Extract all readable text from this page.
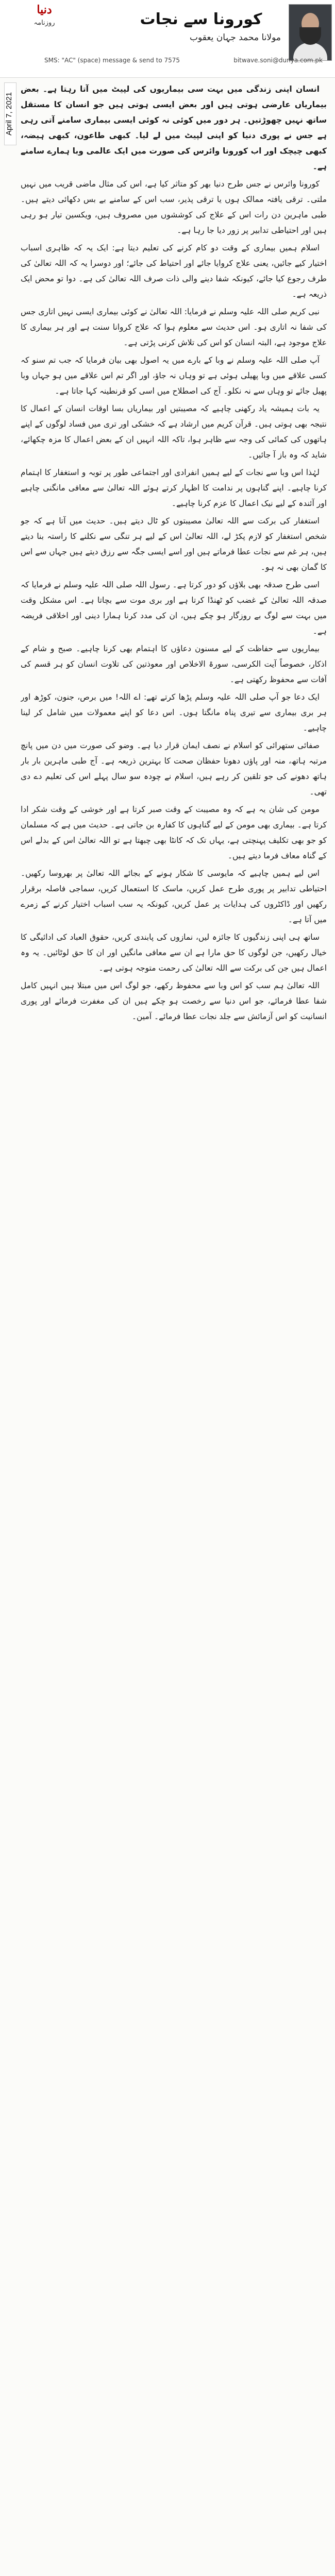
دنیا
روزنامہ	کورونا سے نجات
مولانا محمد جہان یعقوب
SMS: "AC" (space) message & send to 7575	bitwave.soni@dunya.com.pk
April 7, 2021

انسان اپنی زندگی میں بہت سی بیماریوں کی لپیٹ میں آتا رہتا ہے۔ بعض بیماریاں عارضی ہوتی ہیں اور بعض ایسی ہوتی ہیں جو انسان کا مستقل ساتھ نہیں چھوڑتیں۔ ہر دور میں کوئی نہ کوئی ایسی بیماری سامنے آتی رہی ہے جس نے پوری دنیا کو اپنی لپیٹ میں لے لیا۔ کبھی طاعون، کبھی ہیضہ، کبھی چیچک اور اب کورونا وائرس کی صورت میں ایک عالمی وبا ہمارے سامنے ہے۔

کورونا وائرس نے جس طرح دنیا بھر کو متاثر کیا ہے، اس کی مثال ماضی قریب میں نہیں ملتی۔ ترقی یافتہ ممالک ہوں یا ترقی پذیر، سب اس کے سامنے بے بس دکھائی دیتے ہیں۔ طبی ماہرین دن رات اس کے علاج کی کوششوں میں مصروف ہیں، ویکسین تیار ہو رہی ہیں اور احتیاطی تدابیر پر زور دیا جا رہا ہے۔

اسلام ہمیں بیماری کے وقت دو کام کرنے کی تعلیم دیتا ہے: ایک یہ کہ ظاہری اسباب اختیار کیے جائیں، یعنی علاج کروایا جائے اور احتیاط کی جائے؛ اور دوسرا یہ کہ اللہ تعالیٰ کی طرف رجوع کیا جائے، کیونکہ شفا دینے والی ذات صرف اللہ تعالیٰ کی ہے۔ دوا تو محض ایک ذریعہ ہے۔

نبی کریم صلی اللہ علیہ وسلم نے فرمایا: اللہ تعالیٰ نے کوئی بیماری ایسی نہیں اتاری جس کی شفا نہ اتاری ہو۔ اس حدیث سے معلوم ہوا کہ علاج کروانا سنت ہے اور ہر بیماری کا علاج موجود ہے، البتہ انسان کو اس کی تلاش کرنی پڑتی ہے۔

آپ صلی اللہ علیہ وسلم نے وبا کے بارے میں یہ اصول بھی بیان فرمایا کہ جب تم سنو کہ کسی علاقے میں وبا پھیلی ہوئی ہے تو وہاں نہ جاؤ، اور اگر تم اس علاقے میں ہو جہاں وبا پھیل جائے تو وہاں سے نہ نکلو۔ آج کی اصطلاح میں اسی کو قرنطینہ کہا جاتا ہے۔

یہ بات ہمیشہ یاد رکھنی چاہیے کہ مصیبتیں اور بیماریاں بسا اوقات انسان کے اعمال کا نتیجہ بھی ہوتی ہیں۔ قرآن کریم میں ارشاد ہے کہ خشکی اور تری میں فساد لوگوں کے اپنے ہاتھوں کی کمائی کی وجہ سے ظاہر ہوا، تاکہ اللہ انہیں ان کے بعض اعمال کا مزہ چکھائے، شاید کہ وہ باز آ جائیں۔

لہٰذا اس وبا سے نجات کے لیے ہمیں انفرادی اور اجتماعی طور پر توبہ و استغفار کا اہتمام کرنا چاہیے۔ اپنے گناہوں پر ندامت کا اظہار کرتے ہوئے اللہ تعالیٰ سے معافی مانگنی چاہیے اور آئندہ کے لیے نیک اعمال کا عزم کرنا چاہیے۔

استغفار کی برکت سے اللہ تعالیٰ مصیبتوں کو ٹال دیتے ہیں۔ حدیث میں آتا ہے کہ جو شخص استغفار کو لازم پکڑ لے، اللہ تعالیٰ اس کے لیے ہر تنگی سے نکلنے کا راستہ بنا دیتے ہیں، ہر غم سے نجات عطا فرماتے ہیں اور اسے ایسی جگہ سے رزق دیتے ہیں جہاں سے اس کا گمان بھی نہ ہو۔

اسی طرح صدقہ بھی بلاؤں کو دور کرتا ہے۔ رسول اللہ صلی اللہ علیہ وسلم نے فرمایا کہ صدقہ اللہ تعالیٰ کے غضب کو ٹھنڈا کرتا ہے اور بری موت سے بچاتا ہے۔ اس مشکل وقت میں بہت سے لوگ بے روزگار ہو چکے ہیں، ان کی مدد کرنا ہمارا دینی اور اخلاقی فریضہ ہے۔

بیماریوں سے حفاظت کے لیے مسنون دعاؤں کا اہتمام بھی کرنا چاہیے۔ صبح و شام کے اذکار، خصوصاً آیت الکرسی، سورۃ الاخلاص اور معوذتین کی تلاوت انسان کو ہر قسم کی آفات سے محفوظ رکھتی ہے۔

ایک دعا جو آپ صلی اللہ علیہ وسلم پڑھا کرتے تھے: اے اللہ! میں برص، جنون، کوڑھ اور ہر بری بیماری سے تیری پناہ مانگتا ہوں۔ اس دعا کو اپنے معمولات میں شامل کر لینا چاہیے۔

صفائی ستھرائی کو اسلام نے نصف ایمان قرار دیا ہے۔ وضو کی صورت میں دن میں پانچ مرتبہ ہاتھ، منہ اور پاؤں دھونا حفظان صحت کا بہترین ذریعہ ہے۔ آج طبی ماہرین بار بار ہاتھ دھونے کی جو تلقین کر رہے ہیں، اسلام نے چودہ سو سال پہلے اس کی تعلیم دے دی تھی۔

مومن کی شان یہ ہے کہ وہ مصیبت کے وقت صبر کرتا ہے اور خوشی کے وقت شکر ادا کرتا ہے۔ بیماری بھی مومن کے لیے گناہوں کا کفارہ بن جاتی ہے۔ حدیث میں ہے کہ مسلمان کو جو بھی تکلیف پہنچتی ہے، یہاں تک کہ کانٹا بھی چبھتا ہے تو اللہ تعالیٰ اس کے بدلے اس کے گناہ معاف فرما دیتے ہیں۔

اس لیے ہمیں چاہیے کہ مایوسی کا شکار ہونے کے بجائے اللہ تعالیٰ پر بھروسا رکھیں۔ احتیاطی تدابیر پر پوری طرح عمل کریں، ماسک کا استعمال کریں، سماجی فاصلہ برقرار رکھیں اور ڈاکٹروں کی ہدایات پر عمل کریں، کیونکہ یہ سب اسباب اختیار کرنے کے زمرے میں آتا ہے۔

ساتھ ہی اپنی زندگیوں کا جائزہ لیں، نمازوں کی پابندی کریں، حقوق العباد کی ادائیگی کا خیال رکھیں، جن لوگوں کا حق مارا ہے ان سے معافی مانگیں اور ان کا حق لوٹائیں۔ یہ وہ اعمال ہیں جن کی برکت سے اللہ تعالیٰ کی رحمت متوجہ ہوتی ہے۔

اللہ تعالیٰ ہم سب کو اس وبا سے محفوظ رکھے، جو لوگ اس میں مبتلا ہیں انہیں کامل شفا عطا فرمائے، جو اس دنیا سے رخصت ہو چکے ہیں ان کی مغفرت فرمائے اور پوری انسانیت کو اس آزمائش سے جلد نجات عطا فرمائے۔ آمین۔
